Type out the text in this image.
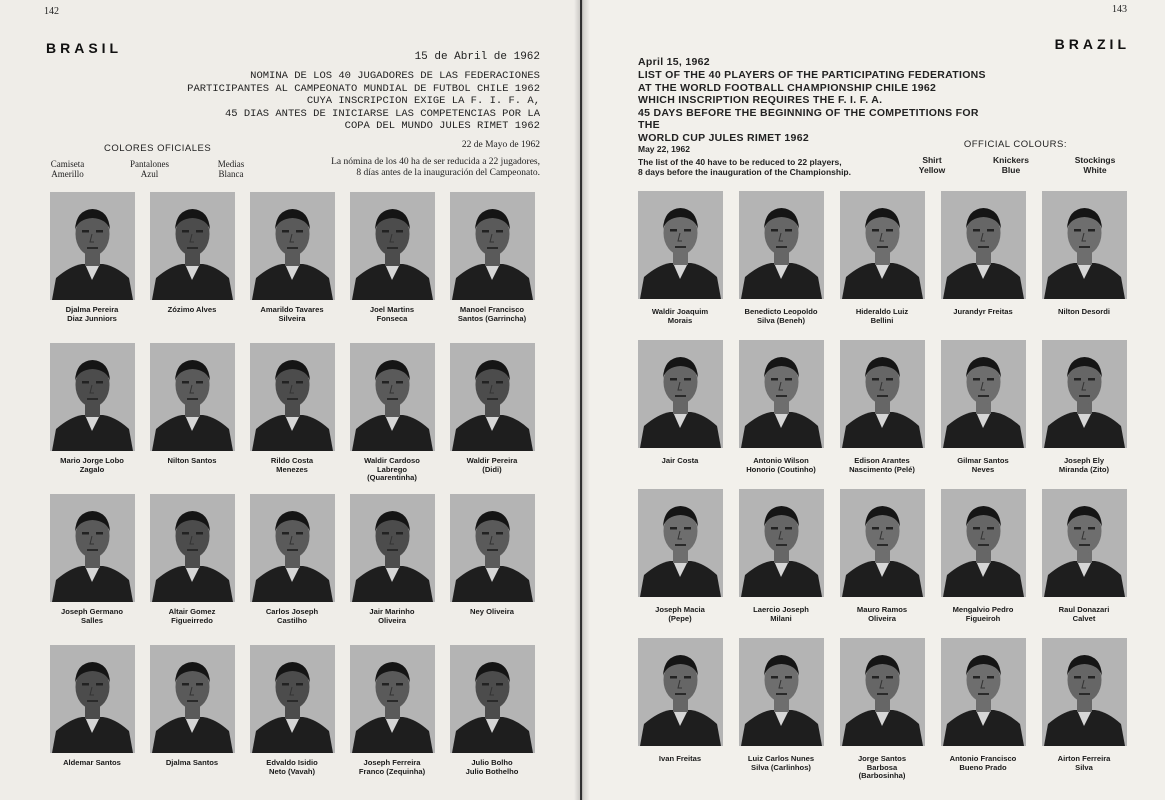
142
BRASIL
15 de Abril de 1962
NOMINA DE LOS 40 JUGADORES DE LAS FEDERACIONES
PARTICIPANTES AL CAMPEONATO MUNDIAL DE FUTBOL CHILE 1962
CUYA INSCRIPCION EXIGE LA F. I. F. A,
45 DIAS ANTES DE INICIARSE LAS COMPETENCIAS POR LA
COPA DEL MUNDO JULES RIMET 1962
COLORES OFICIALES
Camiseta
Amerillo
Pantalones
Azul
Medias
Blanca
22 de Mayo de 1962
La nómina de los 40 ha de ser reducida a 22 jugadores,
8 días antes de la inauguración del Campeonato.
Djalma Pereira
Diaz Junniors
Zózimo Alves	Amarildo Tavares
Silveira
Joel Martins
Fonseca
Manoel Francisco
Santos (Garrincha)
Mario Jorge Lobo
Zagalo
Nilton Santos	Rildo Costa
Menezes
Waldir Cardoso
Labrego
(Quarentinha)
Waldir Pereira
(Didi)
Joseph Germano
Salles
Altair Gomez
Figueirredo
Carlos Joseph
Castilho
Jair Marinho
Oliveira
Ney Oliveira
Aldemar Santos	Djalma Santos	Edvaldo Isidio
Neto (Vavah)
Joseph Ferreira
Franco (Zequinha)
Julio Bolho
Julio Bothelho
143
BRAZIL
April 15, 1962
LIST OF THE 40 PLAYERS OF THE PARTICIPATING FEDERATIONS
AT THE WORLD FOOTBALL CHAMPIONSHIP CHILE 1962
WHICH INSCRIPTION REQUIRES THE F. I. F. A.
45 DAYS BEFORE THE BEGINNING OF THE COMPETITIONS FOR THE
WORLD CUP JULES RIMET 1962
OFFICIAL COLOURS:
May 22, 1962
The list of the 40 have to be reduced to 22 players,
8 days before the inauguration of the Championship.
Shirt
Yellow
Knickers
Blue
Stockings
White
Waldir Joaquim
Morais
Benedicto Leopoldo
Silva (Beneh)
Hideraldo Luiz
Bellini
Jurandyr Freitas	Nilton Desordi
Jair Costa	Antonio Wilson
Honorio (Coutinho)
Edison Arantes
Nascimento (Pelé)
Gilmar Santos
Neves
Joseph Ely
Miranda (Zito)
Joseph Macia
(Pepe)
Laercio Joseph
Milani
Mauro Ramos
Oliveira
Mengalvio Pedro
Figueiroh
Raul Donazari
Calvet
Ivan Freitas	Luiz Carlos Nunes
Silva (Carlinhos)
Jorge Santos
Barbosa
(Barbosinha)
Antonio Francisco
Bueno Prado
Airton Ferreira
Silva
